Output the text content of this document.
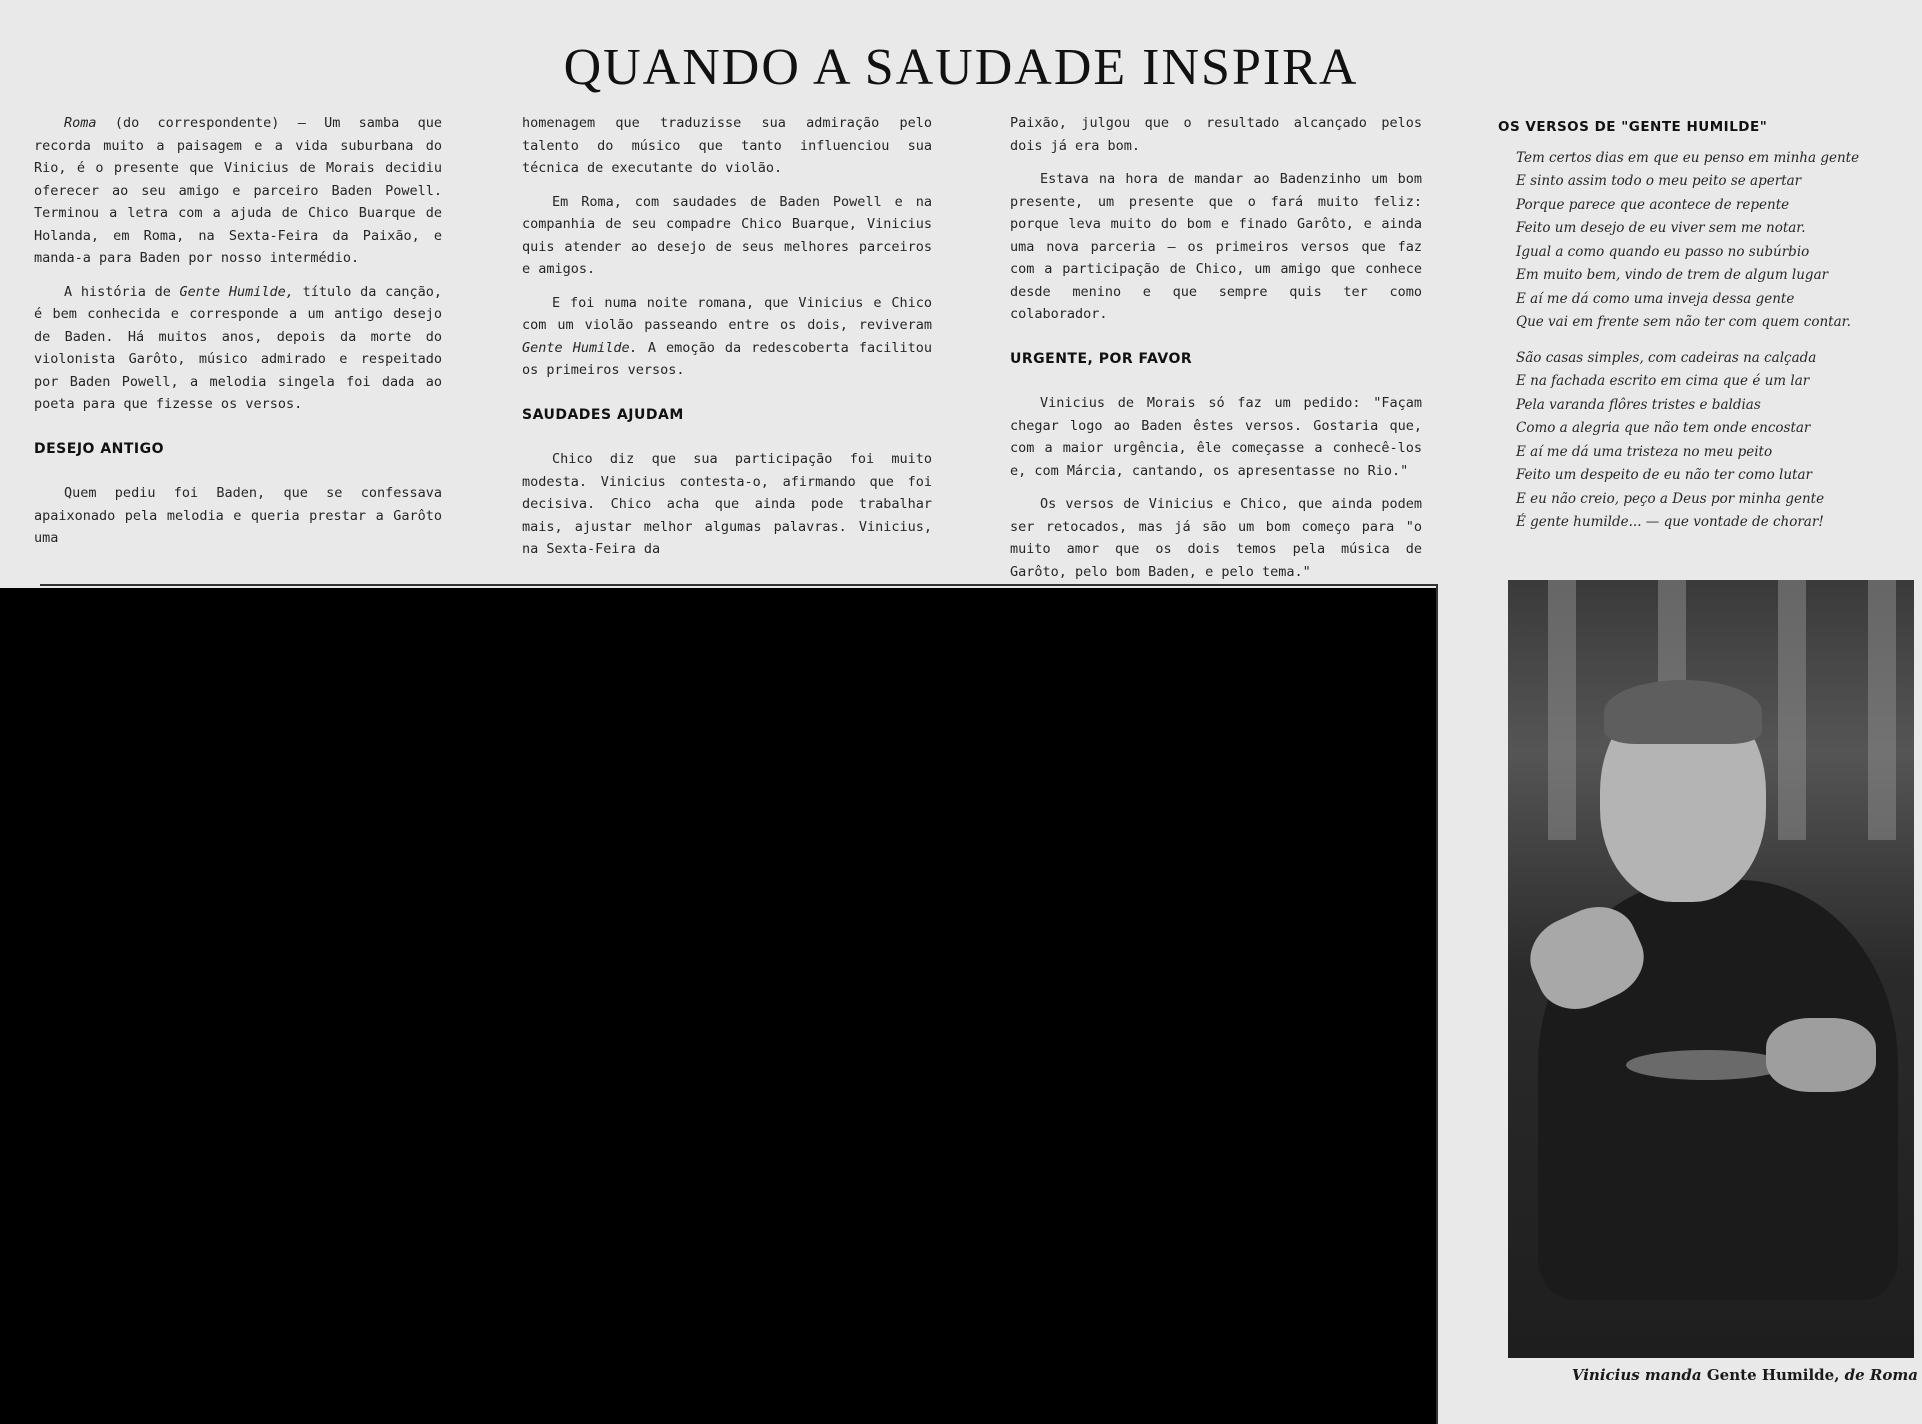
QUANDO A SAUDADE INSPIRA

Roma (do correspondente) — Um samba que recorda muito a paisagem e a vida suburbana do Rio, é o presente que Vinicius de Morais decidiu oferecer ao seu amigo e parceiro Baden Powell. Terminou a letra com a ajuda de Chico Buarque de Holanda, em Roma, na Sexta-Feira da Paixão, e manda-a para Baden por nosso intermédio.

A história de Gente Humilde, título da canção, é bem conhecida e corresponde a um antigo desejo de Baden. Há muitos anos, depois da morte do violonista Garôto, músico admirado e respeitado por Baden Powell, a melodia singela foi dada ao poeta para que fizesse os versos.

DESEJO ANTIGO

Quem pediu foi Baden, que se confessava apaixonado pela melodia e queria prestar a Garôto uma

homenagem que traduzisse sua admiração pelo talento do músico que tanto influenciou sua técnica de executante do violão.

Em Roma, com saudades de Baden Powell e na companhia de seu compadre Chico Buarque, Vinicius quis atender ao desejo de seus melhores parceiros e amigos.

E foi numa noite romana, que Vinicius e Chico com um violão passeando entre os dois, reviveram Gente Humilde. A emoção da redescoberta facilitou os primeiros versos.

SAUDADES AJUDAM

Chico diz que sua participação foi muito modesta. Vinicius contesta-o, afirmando que foi decisiva. Chico acha que ainda pode trabalhar mais, ajustar melhor algumas palavras. Vinicius, na Sexta-Feira da

Paixão, julgou que o resultado alcançado pelos dois já era bom.

Estava na hora de mandar ao Badenzinho um bom presente, um presente que o fará muito feliz: porque leva muito do bom e finado Garôto, e ainda uma nova parceria — os primeiros versos que faz com a participação de Chico, um amigo que conhece desde menino e que sempre quis ter como colaborador.

URGENTE, POR FAVOR

Vinicius de Morais só faz um pedido: "Façam chegar logo ao Baden êstes versos. Gostaria que, com a maior urgência, êle começasse a conhecê-los e, com Márcia, cantando, os apresentasse no Rio."

Os versos de Vinicius e Chico, que ainda podem ser retocados, mas já são um bom começo para "o muito amor que os dois temos pela música de Garôto, pelo bom Baden, e pelo tema."

OS VERSOS DE "GENTE HUMILDE"
Tem certos dias em que eu penso em minha gente
E sinto assim todo o meu peito se apertar
Porque parece que acontece de repente
Feito um desejo de eu viver sem me notar.
Igual a como quando eu passo no subúrbio
Em muito bem, vindo de trem de algum lugar
E aí me dá como uma inveja dessa gente
Que vai em frente sem não ter com quem contar.
São casas simples, com cadeiras na calçada
E na fachada escrito em cima que é um lar
Pela varanda flôres tristes e baldias
Como a alegria que não tem onde encostar
E aí me dá uma tristeza no meu peito
Feito um despeito de eu não ter como lutar
E eu não creio, peço a Deus por minha gente
É gente humilde... — que vontade de chorar!
Vinicius manda Gente Humilde, de Roma
